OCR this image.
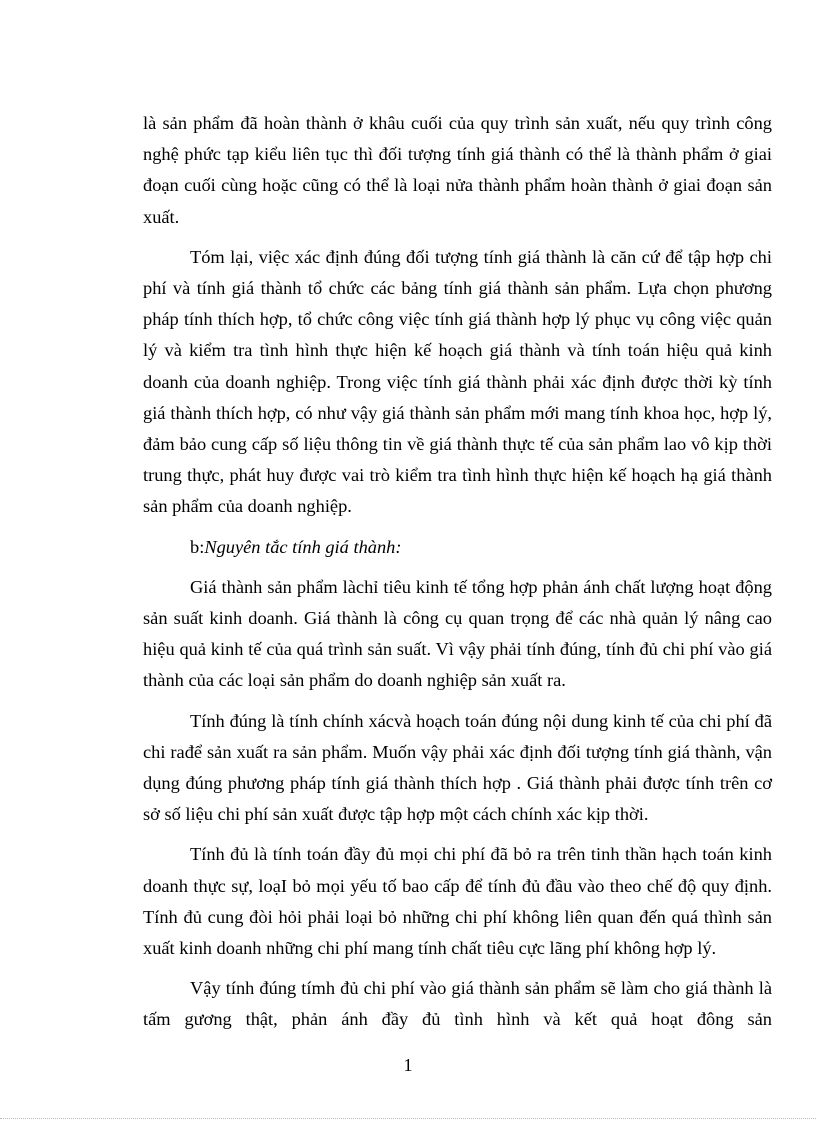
là sản phẩm đã hoàn thành ở khâu cuối của quy trình sản xuất, nếu quy trình công nghệ phức tạp kiểu liên tục thì đối tượng tính giá thành có thể là thành phẩm ở giai đoạn cuối cùng hoặc cũng có thể là loại nửa thành phẩm hoàn thành ở giai đoạn sản xuất.

Tóm lại, việc xác định đúng đối tượng tính giá thành là căn cứ để tập hợp chi phí và tính giá thành tổ chức các bảng tính giá thành sản phẩm. Lựa chọn phương pháp tính thích hợp, tổ chức công việc tính giá thành hợp lý phục vụ công việc quản lý và kiểm tra tình hình thực hiện kế hoạch giá thành và tính toán hiệu quả kinh doanh của doanh nghiệp. Trong việc tính giá thành phải xác định được thời kỳ tính giá thành thích hợp, có như vậy giá thành sản phẩm mới mang tính khoa học, hợp lý, đảm bảo cung cấp số liệu thông tin về giá thành thực tế của sản phẩm lao vô kịp thời trung thực, phát huy được vai trò kiểm tra tình hình thực hiện kế hoạch hạ giá thành sản phẩm của doanh nghiệp.

b:Nguyên tắc tính giá thành:

Giá thành sản phẩm làchỉ tiêu kinh tế tổng hợp phản ánh chất lượng hoạt động sản suất kinh doanh. Giá thành là công cụ quan trọng để các nhà quản lý nâng cao hiệu quả kinh tế của quá trình sản suất. Vì vậy phải tính đúng, tính đủ chi phí vào giá thành của các loại sản phẩm do doanh nghiệp sản xuất ra.

Tính đúng là tính chính xácvà hoạch toán đúng nội dung kinh tế của chi phí đã chi rađể sản xuất ra sản phẩm. Muốn vậy phải xác định đối tượng tính giá thành, vận dụng đúng phương pháp tính giá thành thích hợp . Giá thành phải được tính trên cơ sở số liệu chi phí sản xuất được tập hợp một cách chính xác kịp thời.

Tính đủ là tính toán đầy đủ mọi chi phí đã bỏ ra trên tinh thần hạch toán kinh doanh thực sự, loạI bỏ mọi yếu tố bao cấp để tính đủ đầu vào theo chế độ quy định. Tính đủ cung đòi hỏi phải loại bỏ những chi phí không liên quan đến quá thình sản xuất kinh doanh những chi phí mang tính chất tiêu cực lãng phí không hợp lý.

Vậy tính đúng tímh đủ chi phí vào giá thành sản phẩm sẽ làm cho giá thành là tấm gương thật, phản ánh đầy đủ tình hình và kết quả hoạt đông sản

1
